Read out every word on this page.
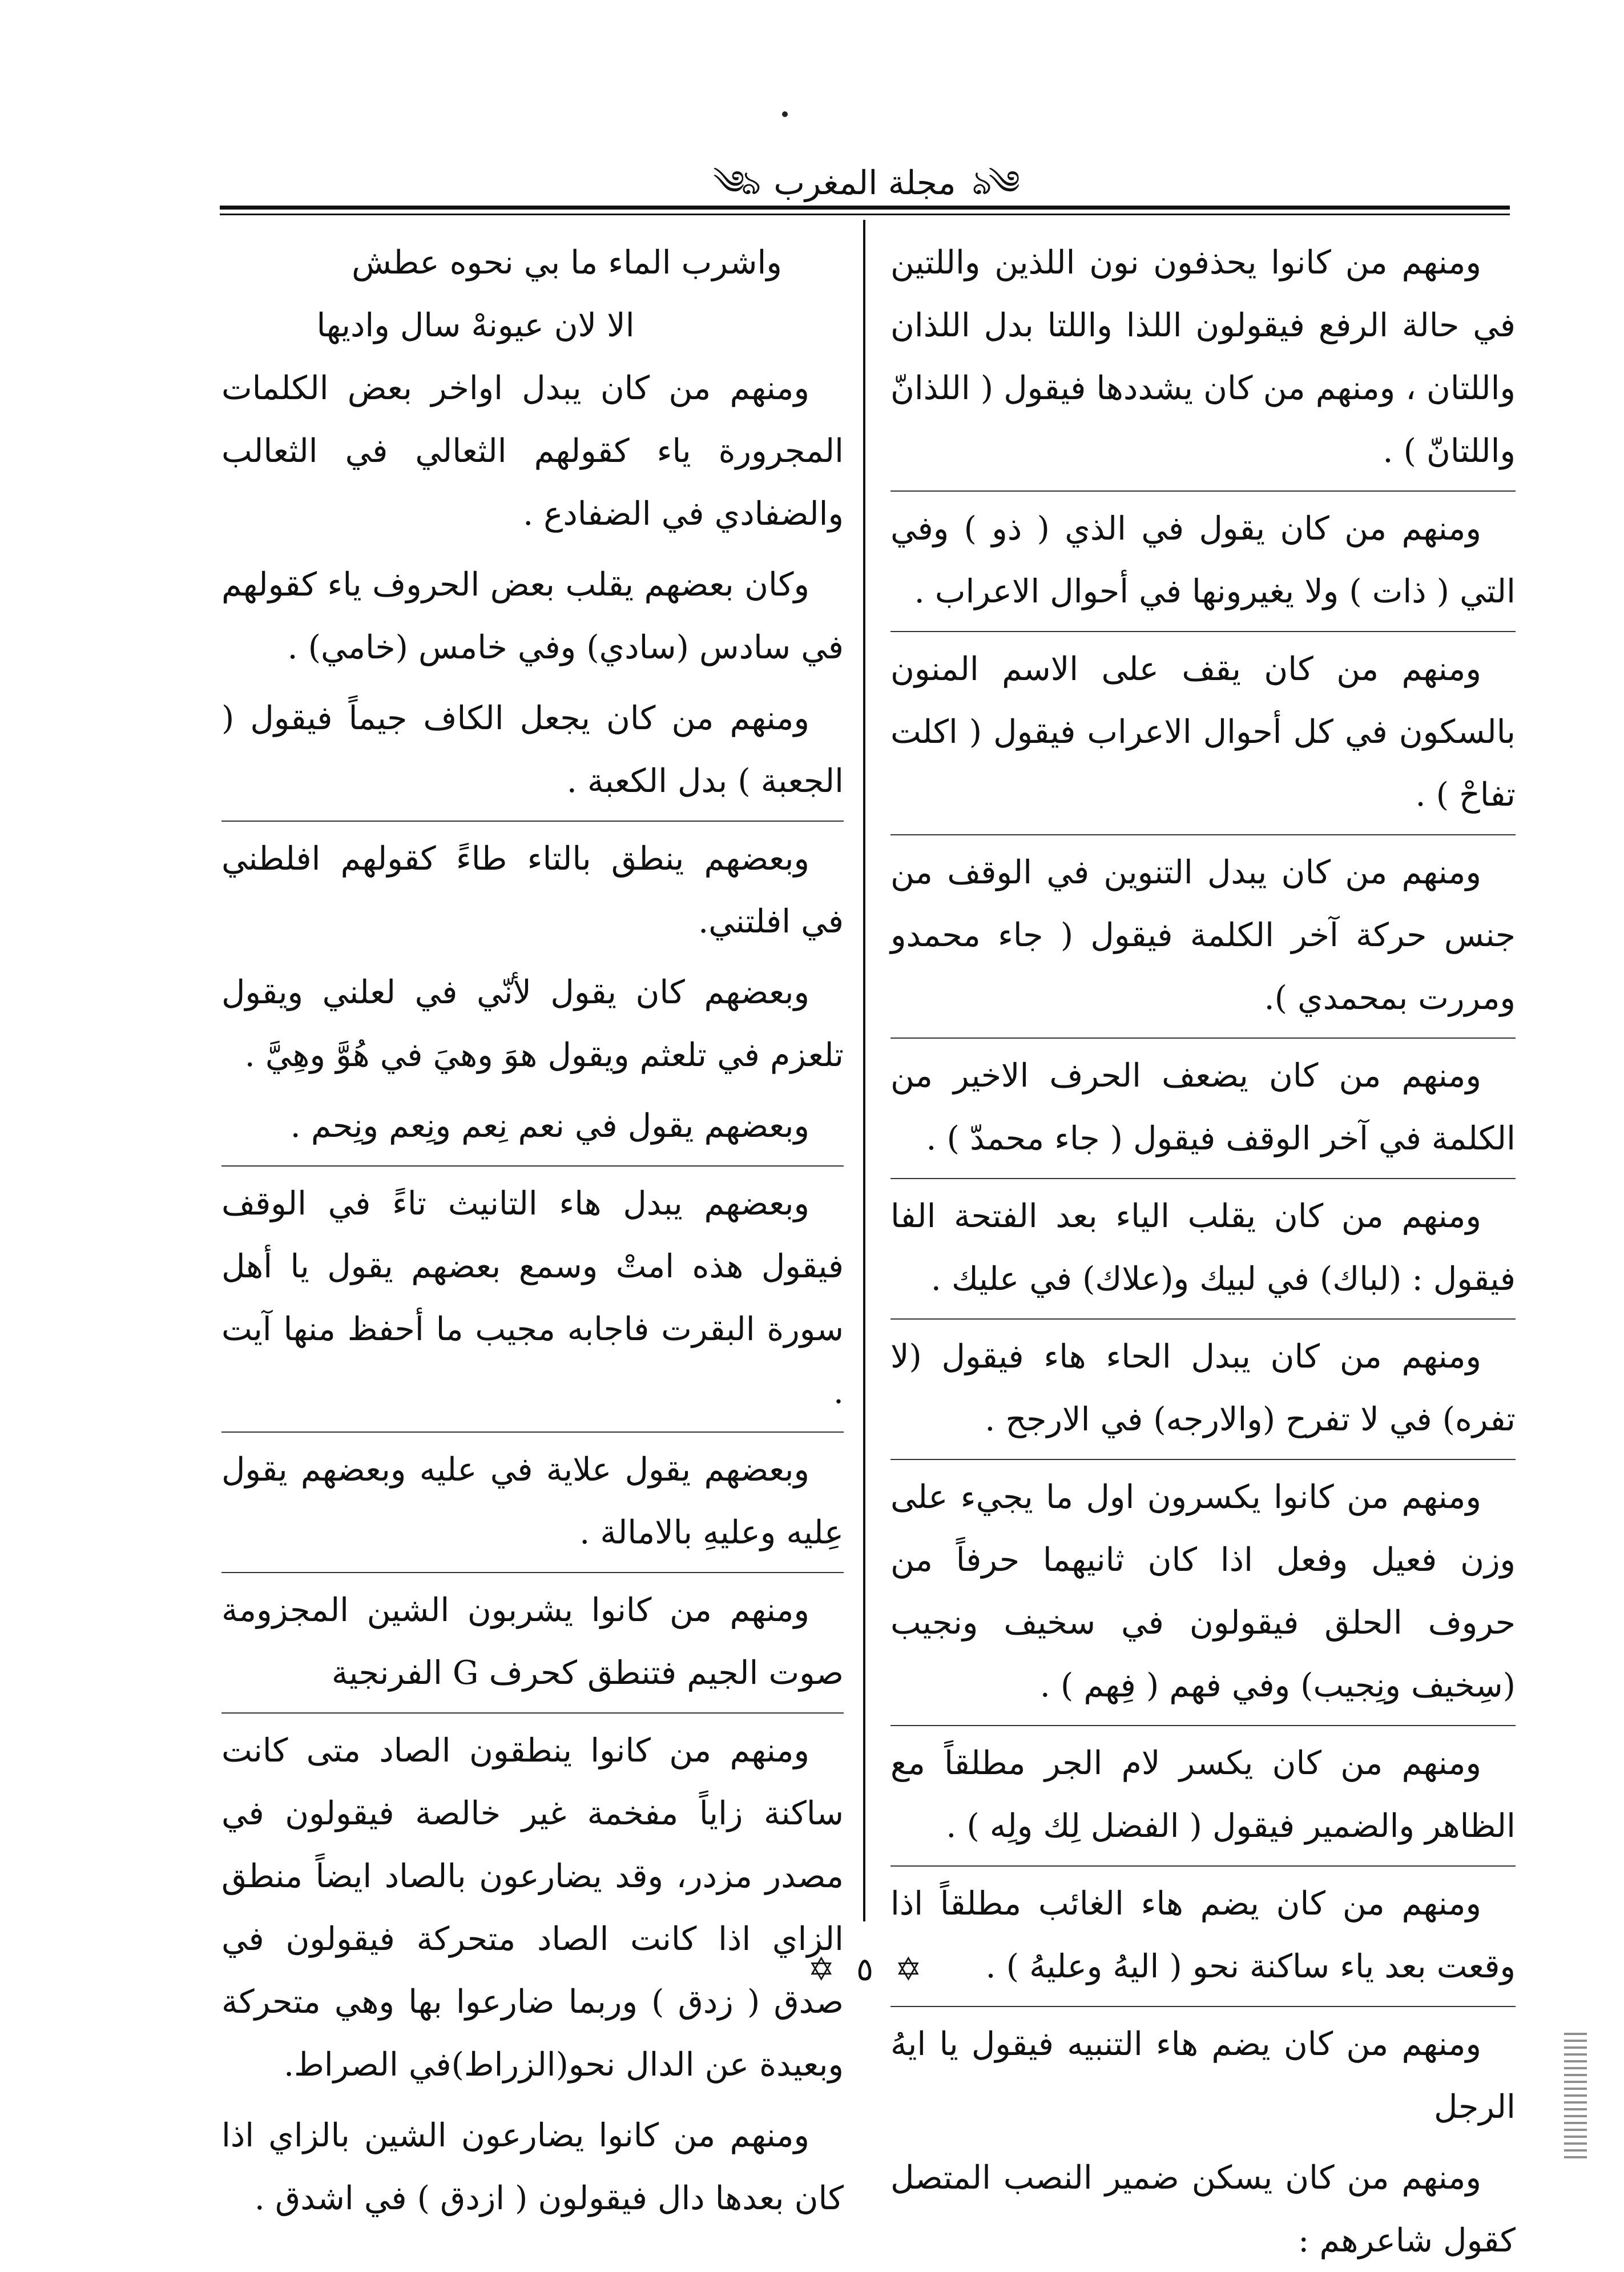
ঌ༄
مجلة المغرب
༄ঌ

ومنهم من كانوا يحذفون نون اللذين واللتين في حالة الرفع فيقولون اللذا واللتا بدل اللذان واللتان ، ومنهم من كان يشددها فيقول ( اللذانّ واللتانّ ) .

ومنهم من كان يقول في الذي ( ذو ) وفي التي ( ذات ) ولا يغيرونها في أحوال الاعراب .

ومنهم من كان يقف على الاسم المنون بالسكون في كل أحوال الاعراب فيقول ( اكلت تفاحْ ) .

ومنهم من كان يبدل التنوين في الوقف من جنس حركة آخر الكلمة فيقول ( جاء محمدو ومررت بمحمدي ).

ومنهم من كان يضعف الحرف الاخير من الكلمة في آخر الوقف فيقول ( جاء محمدّ ) .

ومنهم من كان يقلب الياء بعد الفتحة الفا فيقول : (لباك) في لبيك و(علاك) في عليك .

ومنهم من كان يبدل الحاء هاء فيقول (لا تفره) في لا تفرح (والارجه) في الارجح .

ومنهم من كانوا يكسرون اول ما يجيء على وزن فعيل وفعل اذا كان ثانيهما حرفاً من حروف الحلق فيقولون في سخيف ونجيب (سِخيف ونِجيب) وفي فهم ( فِهم ) .

ومنهم من كان يكسر لام الجر مطلقاً مع الظاهر والضمير فيقول ( الفضل لِك ولِه ) .

ومنهم من كان يضم هاء الغائب مطلقاً اذا وقعت بعد ياء ساكنة نحو ( اليهُ وعليهُ ) .

ومنهم من كان يضم هاء التنبيه فيقول يا ايهُ الرجل

ومنهم من كان يسكن ضمير النصب المتصل كقول شاعرهم :

واشرب الماء ما بي نحوه عطش

الا لان عيونهْ سال واديها

ومنهم من كان يبدل اواخر بعض الكلمات المجرورة ياء كقولهم الثعالي في الثعالب والضفادي في الضفادع .

وكان بعضهم يقلب بعض الحروف ياء كقولهم في سادس (سادي) وفي خامس (خامي) .

ومنهم من كان يجعل الكاف جيماً فيقول ( الجعبة ) بدل الكعبة .

وبعضهم ينطق بالتاء طاءً كقولهم افلطني في افلتني.

وبعضهم كان يقول لأنّي في لعلني ويقول تلعزم في تلعثم ويقول هوَ وهيَ في هُوَّ وهِيَّ .

وبعضهم يقول في نعم نِعم ونِعم ونِحم .

وبعضهم يبدل هاء التانيث تاءً في الوقف فيقول هذه امتْ وسمع بعضهم يقول يا أهل سورة البقرت فاجابه مجيب ما أحفظ منها آيت .

وبعضهم يقول علاية في عليه وبعضهم يقول عِليه وعليهِ بالامالة .

ومنهم من كانوا يشربون الشين المجزومة صوت الجيم فتنطق كحرف G الفرنجية

ومنهم من كانوا ينطقون الصاد متى كانت ساكنة زاياً مفخمة غير خالصة فيقولون في مصدر مزدر، وقد يضارعون بالصاد ايضاً منطق الزاي اذا كانت الصاد متحركة فيقولون في صدق ( زدق ) وربما ضارعوا بها وهي متحركة وبعيدة عن الدال نحو(الزراط)في الصراط.

ومنهم من كانوا يضارعون الشين بالزاي اذا كان بعدها دال فيقولون ( ازدق ) في اشدق .

✡ ٥ ✡
